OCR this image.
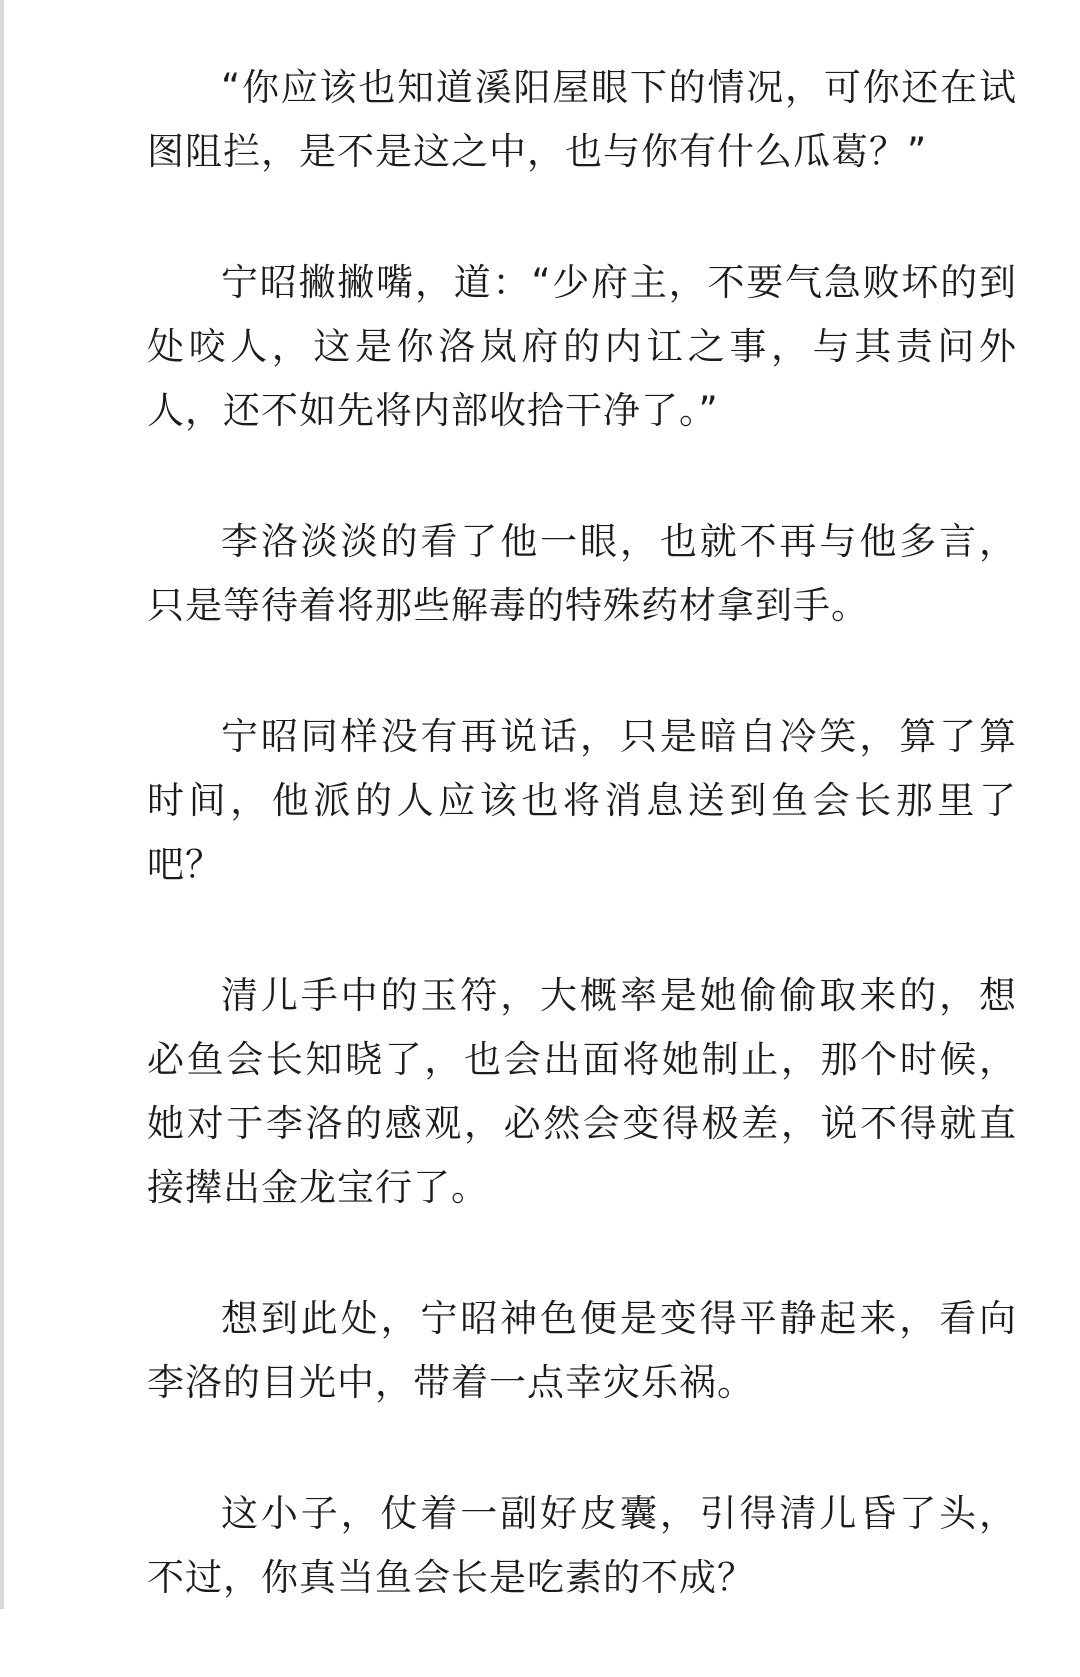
“你应该也知道溪阳屋眼下的情况，可你还在试图阻拦，是不是这之中，也与你有什么瓜葛？”

宁昭撇撇嘴，道：“少府主，不要气急败坏的到处咬人，这是你洛岚府的内讧之事，与其责问外人，还不如先将内部收拾干净了。”

李洛淡淡的看了他一眼，也就不再与他多言，只是等待着将那些解毒的特殊药材拿到手。

宁昭同样没有再说话，只是暗自冷笑，算了算时间，他派的人应该也将消息送到鱼会长那里了吧？

清儿手中的玉符，大概率是她偷偷取来的，想必鱼会长知晓了，也会出面将她制止，那个时候，她对于李洛的感观，必然会变得极差，说不得就直接撵出金龙宝行了。

想到此处，宁昭神色便是变得平静起来，看向李洛的目光中，带着一点幸灾乐祸。

这小子，仗着一副好皮囊，引得清儿昏了头，不过，你真当鱼会长是吃素的不成？
